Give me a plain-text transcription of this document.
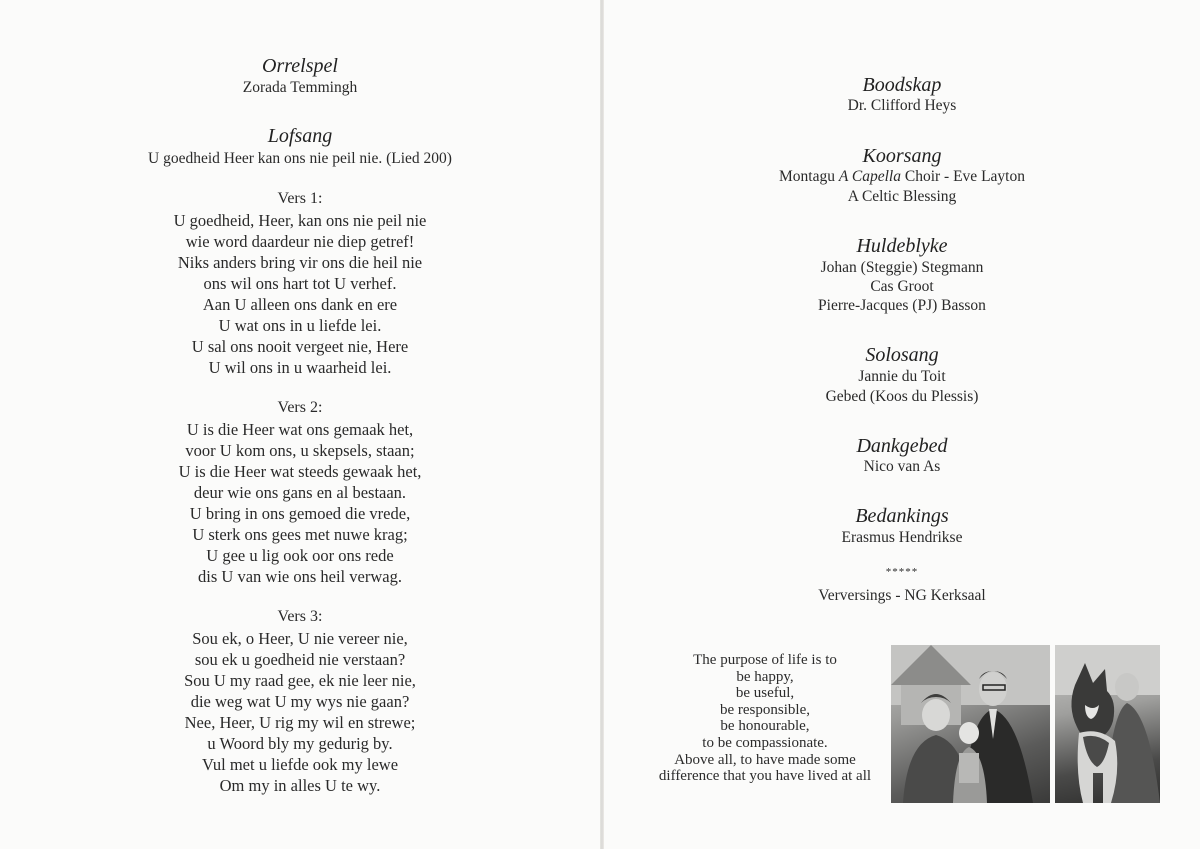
Orrelspel
Zorada Temmingh
Lofsang
U goedheid Heer kan ons nie peil nie. (Lied 200)
Vers 1:
U goedheid, Heer, kan ons nie peil nie
wie word daardeur nie diep getref!
Niks anders bring vir ons die heil nie
ons wil ons hart tot U verhef.
Aan U alleen ons dank en ere
U wat ons in u liefde lei.
U sal ons nooit vergeet nie, Here
U wil ons in u waarheid lei.
Vers 2:
U is die Heer wat ons gemaak het,
voor U kom ons, u skepsels, staan;
U is die Heer wat steeds gewaak het,
deur wie ons gans en al bestaan.
U bring in ons gemoed die vrede,
U sterk ons gees met nuwe krag;
U gee u lig ook oor ons rede
dis U van wie ons heil verwag.
Vers 3:
Sou ek, o Heer, U nie vereer nie,
sou ek u goedheid nie verstaan?
Sou U my raad gee, ek nie leer nie,
die weg wat U my wys nie gaan?
Nee, Heer, U rig my wil en strewe;
u Woord bly my gedurig by.
Vul met u liefde ook my lewe
Om my in alles U te wy.
Boodskap
Dr. Clifford Heys
Koorsang
Montagu A Capella Choir - Eve Layton
A Celtic Blessing
Huldeblyke
Johan (Steggie) Stegmann
Cas Groot
Pierre-Jacques (PJ) Basson
Solosang
Jannie du Toit
Gebed (Koos du Plessis)
Dankgebed
Nico van As
Bedankings
Erasmus Hendrikse
*****
Verversings - NG Kerksaal
The purpose of life is to
be happy,
be useful,
be responsible,
be honourable,
to be compassionate.
Above all, to have made some
difference that you have lived at all
